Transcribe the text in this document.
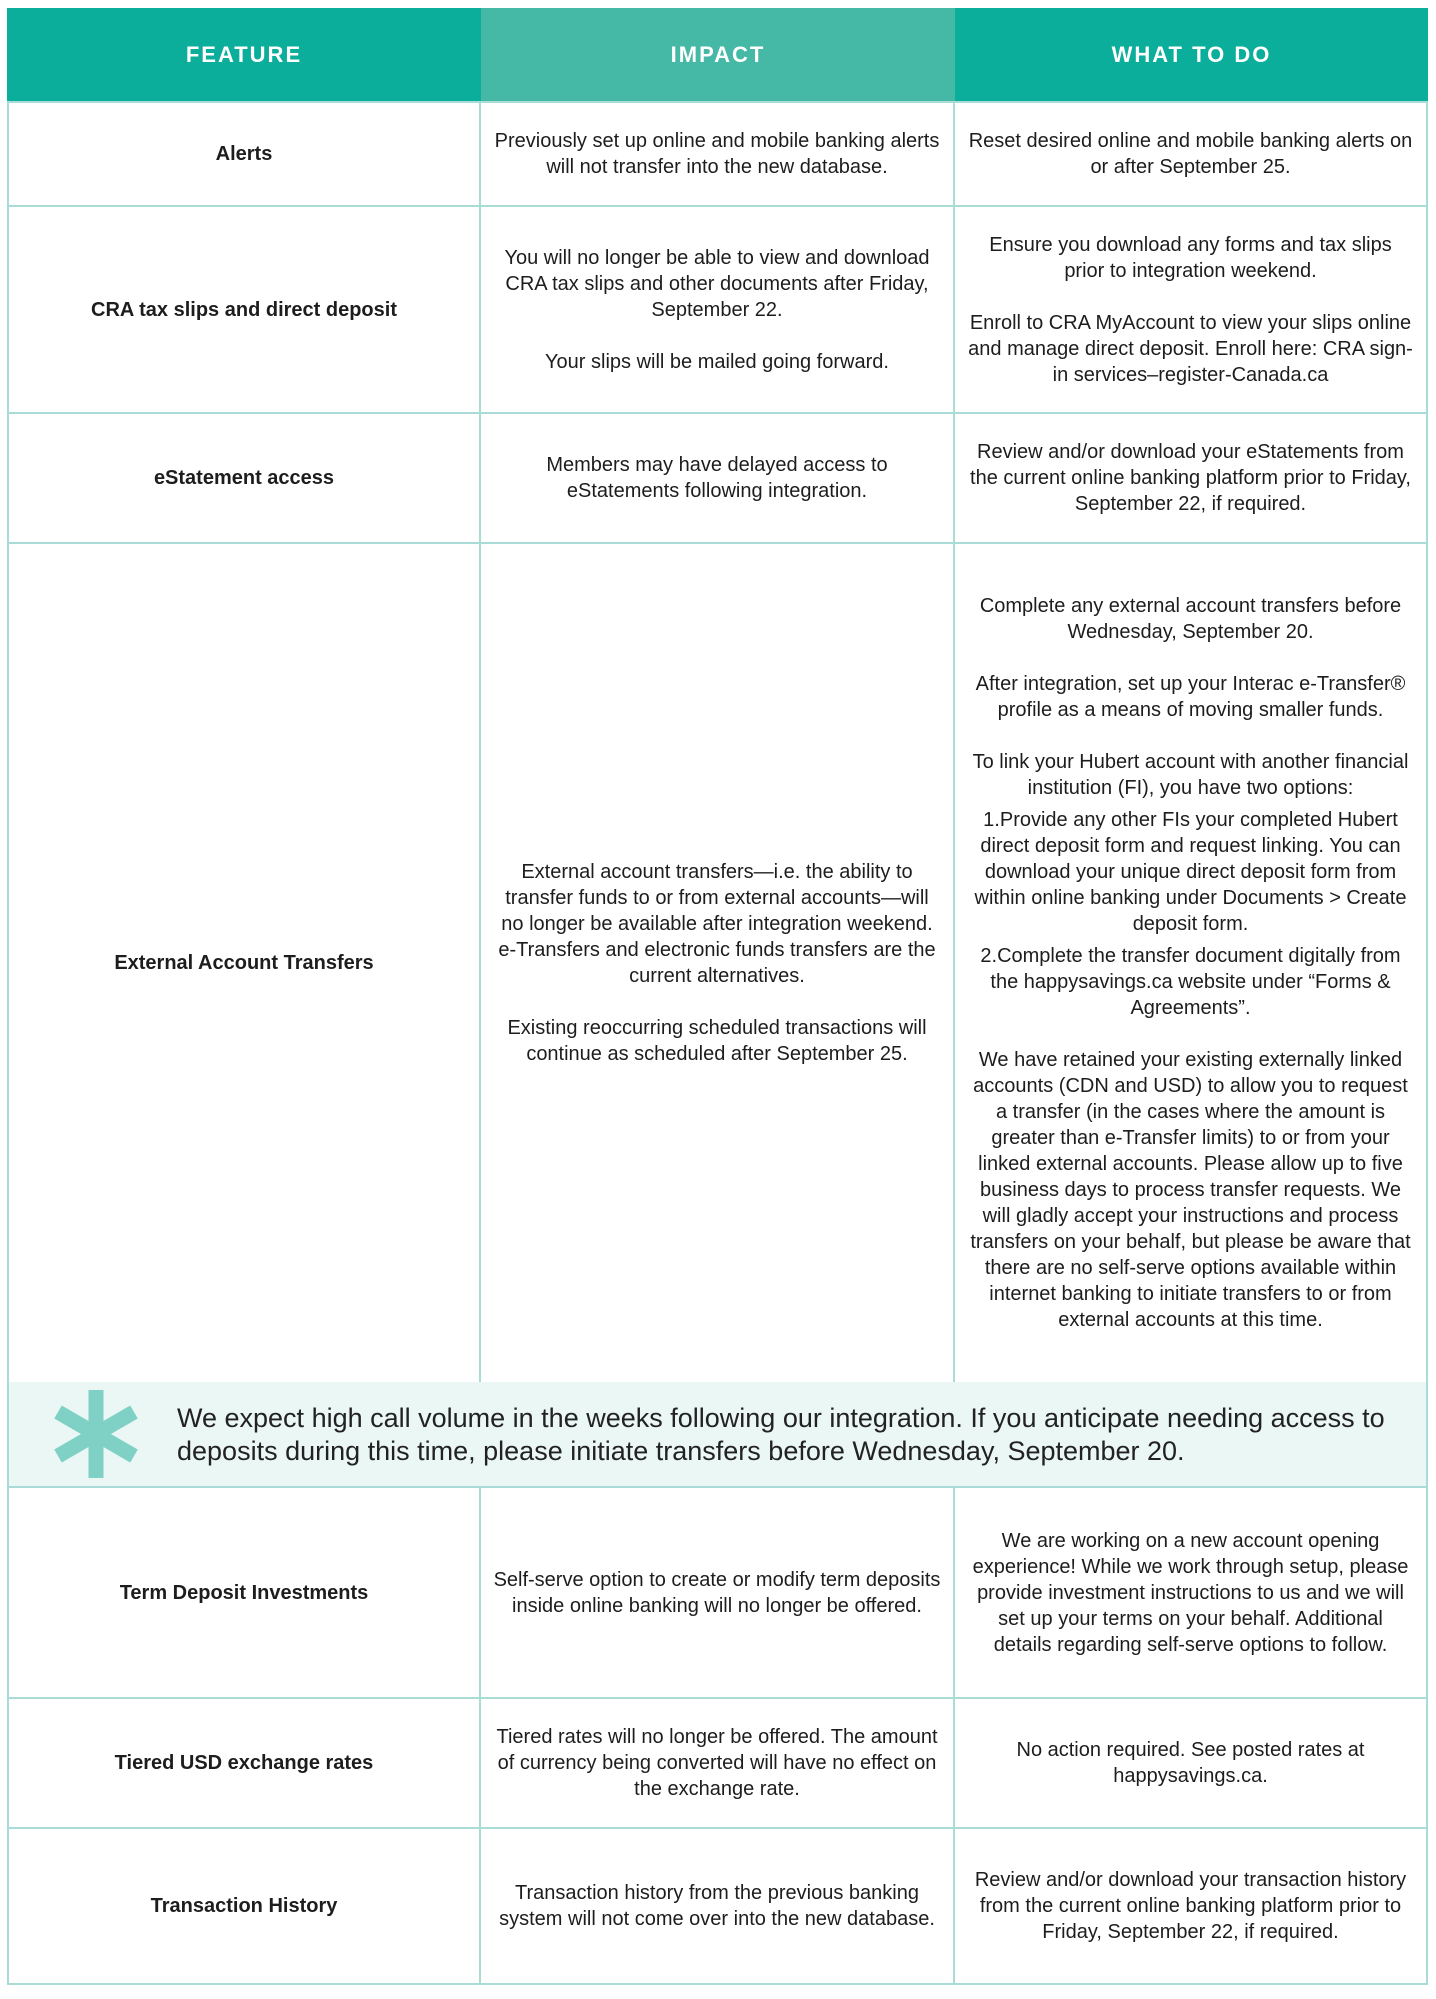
FEATURE	IMPACT	WHAT TO DO
Alerts

Previously set up online and mobile banking alerts will not transfer into the new database.

Reset desired online and mobile banking alerts on or after September 25.

CRA tax slips and direct deposit

You will no longer be able to view and download CRA tax slips and other documents after Friday, September 22.

Your slips will be mailed going forward.

Ensure you download any forms and tax slips prior to integration weekend.

Enroll to CRA MyAccount to view your slips online and manage direct deposit. Enroll here: CRA sign-in services–register-Canada.ca

eStatement access

Members may have delayed access to eStatements following integration.

Review and/or download your eStatements from the current online banking platform prior to Friday, September 22, if required.

External Account Transfers

External account transfers—i.e. the ability to transfer funds to or from external accounts—will no longer be available after integration weekend. e-Transfers and electronic funds transfers are the current alternatives.

Existing reoccurring scheduled transactions will continue as scheduled after September 25.

Complete any external account transfers before Wednesday, September 20.

After integration, set up your Interac e-Transfer® profile as a means of moving smaller funds.

To link your Hubert account with another financial institution (FI), you have two options:

1.Provide any other FIs your completed Hubert direct deposit form and request linking. You can download your unique direct deposit form from within online banking under Documents > Create deposit form.

2.Complete the transfer document digitally from the happysavings.ca website under “Forms & Agreements”.

We have retained your existing externally linked accounts (CDN and USD) to allow you to request a transfer (in the cases where the amount is greater than e-Transfer limits) to or from your linked external accounts. Please allow up to five business days to process transfer requests. We will gladly accept your instructions and process transfers on your behalf, but please be aware that there are no self-serve options available within internet banking to initiate transfers to or from external accounts at this time.

We expect high call volume in the weeks following our integration. If you anticipate needing access to deposits during this time, please initiate transfers before Wednesday, September 20.
Term Deposit Investments

Self-serve option to create or modify term deposits inside online banking will no longer be offered.

We are working on a new account opening experience! While we work through setup, please provide investment instructions to us and we will set up your terms on your behalf. Additional details regarding self-serve options to follow.

Tiered USD exchange rates

Tiered rates will no longer be offered. The amount of currency being converted will have no effect on the exchange rate.

No action required. See posted rates at happysavings.ca.

Transaction History

Transaction history from the previous banking system will not come over into the new database.

Review and/or download your transaction history from the current online banking platform prior to Friday, September 22, if required.
